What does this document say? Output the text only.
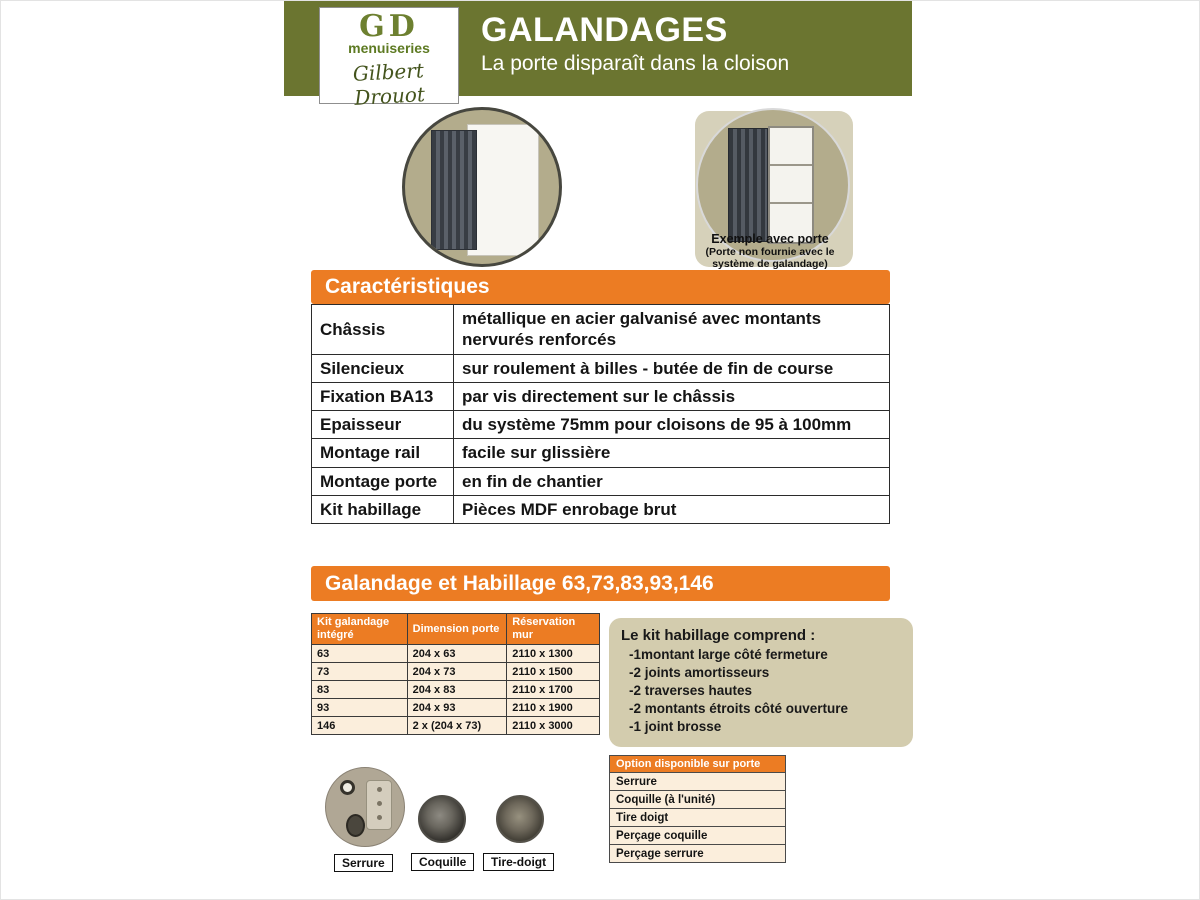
GALANDAGES
La porte disparaît dans la cloison
GD
menuiseries
Gilbert Drouot
Exemple avec porte
(Porte non fournie avec le
système de galandage)
Caractéristiques
Châssis	métallique en acier galvanisé avec montants nervurés renforcés
Silencieux	sur roulement à billes - butée de fin de course
Fixation BA13	par vis directement sur le châssis
Epaisseur	du système 75mm pour cloisons de 95 à 100mm
Montage rail	facile sur glissière
Montage porte	en fin de chantier
Kit habillage	Pièces MDF enrobage brut
Galandage et Habillage 63,73,83,93,146
Kit galandage intégré	Dimension porte	Réservation mur
63	204 x 63	2110 x 1300
73	204 x 73	2110 x 1500
83	204 x 83	2110 x 1700
93	204 x 93	2110 x 1900
146	2 x (204 x 73)	2110 x 3000
Le kit habillage comprend :
-1montant large côté fermeture
-2 joints amortisseurs
-2 traverses hautes
-2 montants étroits côté ouverture
-1 joint brosse
Serrure	Coquille	Tire-doigt
Option disponible sur porte
Serrure
Coquille (à l'unité)
Tire doigt
Perçage coquille
Perçage serrure
